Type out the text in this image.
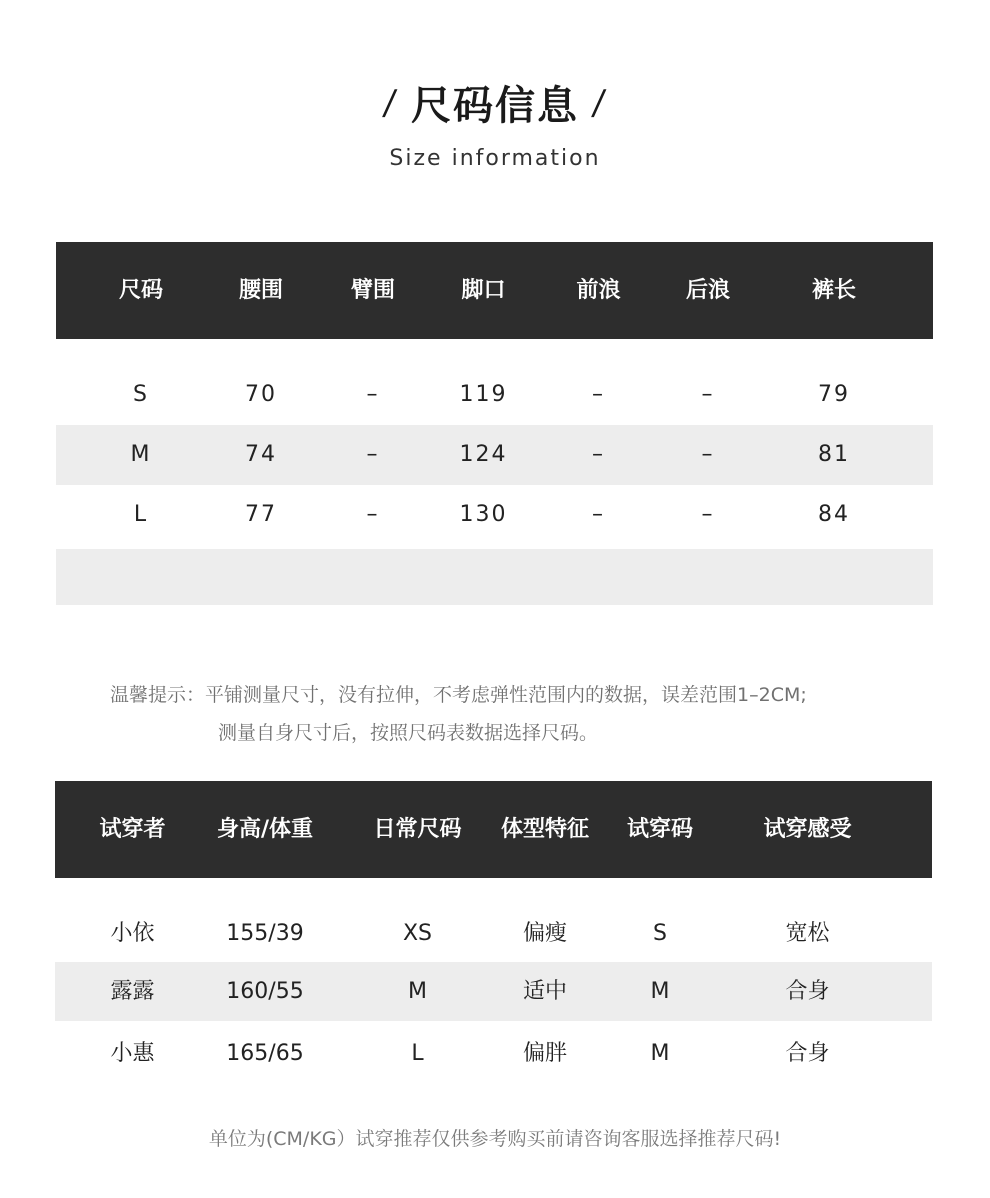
/ 尺码信息 /
Size information
尺码	腰围	臂围	脚口	前浪	后浪	裤长
S	70	–	119	–	–	79
M	74	–	124	–	–	81
L	77	–	130	–	–	84
温馨提示：平铺测量尺寸，没有拉伸，不考虑弹性范围内的数据，误差范围1–2CM;
测量自身尺寸后，按照尺码表数据选择尺码。
试穿者	身高/体重	日常尺码	体型特征	试穿码	试穿感受
小依	155/39	XS	偏瘦	S	宽松
露露	160/55	M	适中	M	合身
小惠	165/65	L	偏胖	M	合身
单位为(CM/KG）试穿推荐仅供参考购买前请咨询客服选择推荐尺码!
